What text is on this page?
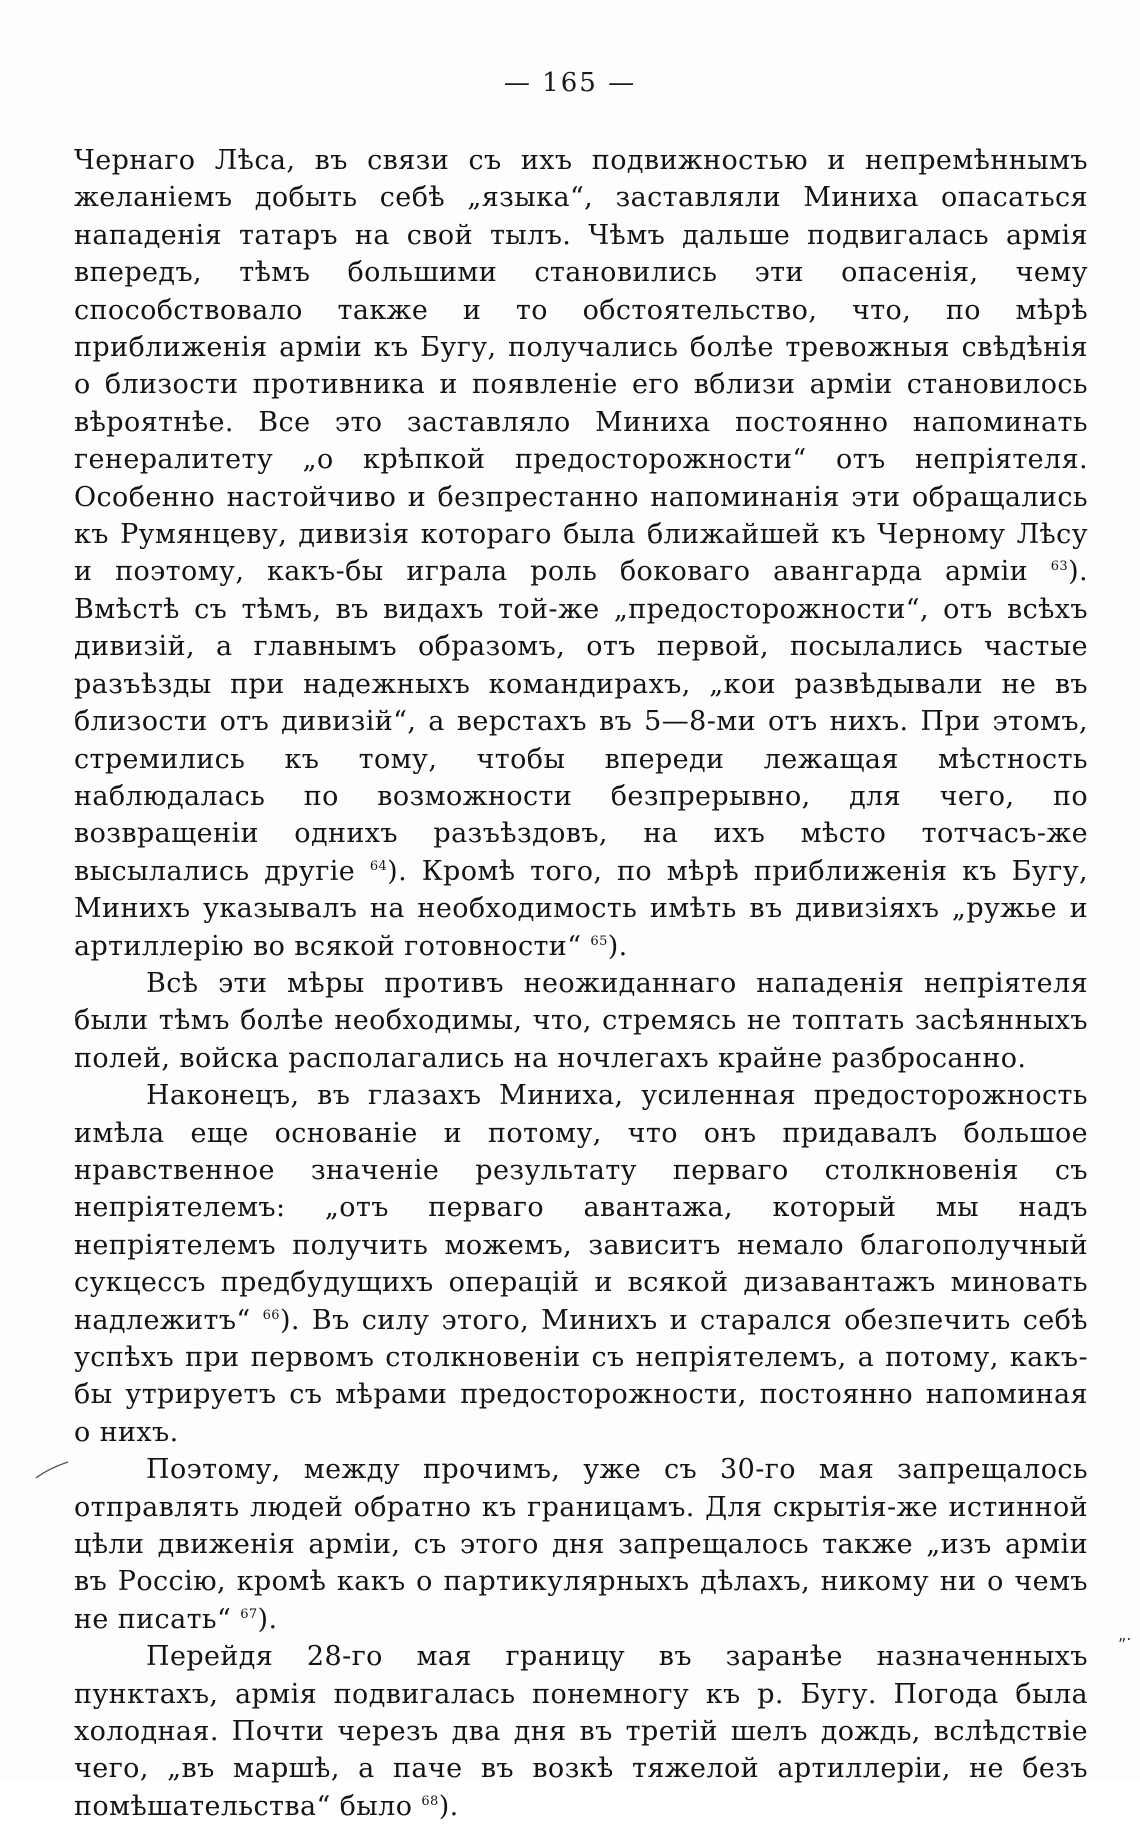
— 165 —

Чернаго Лѣса, въ связи съ ихъ подвижностью и непремѣннымъ желаніемъ добыть себѣ „языка“, заставляли Миниха опасаться нападенія татаръ на свой тылъ. Чѣмъ дальше подвигалась армія впередъ, тѣмъ большими становились эти опасенія, чему способствовало также и то обстоятельство, что, по мѣрѣ приближенія арміи къ Бугу, получались болѣе тревожныя свѣдѣнія о близости противника и появленіе его вблизи арміи становилось вѣроятнѣе. Все это заставляло Миниха постоянно напоминать генералитету „о крѣпкой предосторожности“ отъ непріятеля. Особенно настойчиво и безпрестанно напоминанія эти обращались къ Румянцеву, дивизія котораго была ближайшей къ Черному Лѣсу и поэтому, какъ-бы играла роль боковаго авангарда арміи $^{63}$). Вмѣстѣ съ тѣмъ, въ видахъ той-же „предосторожности“, отъ всѣхъ дивизій, а главнымъ образомъ, отъ первой, посылались частые разъѣзды при надежныхъ командирахъ, „кои развѣдывали не въ близости отъ дивизій“, а верстахъ въ 5—8-ми отъ нихъ. При этомъ, стремились къ тому, чтобы впереди лежащая мѣстность наблюдалась по возможности безпрерывно, для чего, по возвращеніи однихъ разъѣздовъ, на ихъ мѣсто тотчасъ-же высылались другіе $^{64}$). Кромѣ того, по мѣрѣ приближенія къ Бугу, Минихъ указывалъ на необходимость имѣть въ дивизіяхъ „ружье и артиллерію во всякой готовности“ $^{65}$).

Всѣ эти мѣры противъ неожиданнаго нападенія непріятеля были тѣмъ болѣе необходимы, что, стремясь не топтать засѣянныхъ полей, войска располагались на ночлегахъ крайне разбросанно.

Наконецъ, въ глазахъ Миниха, усиленная предосторожность имѣла еще основаніе и потому, что онъ придавалъ большое нравственное значеніе результату перваго столкновенія съ непріятелемъ: „отъ перваго авантажа, который мы надъ непріятелемъ получить можемъ, зависитъ немало благополучный сукцессъ предбудущихъ операцій и всякой дизавантажъ миновать надлежитъ“ $^{66}$). Въ силу этого, Минихъ и старался обезпечить себѣ успѣхъ при первомъ столкновеніи съ непріятелемъ, а потому, какъ-бы утрируетъ съ мѣрами предосторожности, постоянно напоминая о нихъ.

Поэтому, между прочимъ, уже съ 30-го мая запрещалось отправлять людей обратно къ границамъ. Для скрытія-же истинной цѣли движенія арміи, съ этого дня запрещалось также „изъ арміи въ Россію, кромѣ какъ о партикулярныхъ дѣлахъ, никому ни о чемъ не писать“ $^{67}$).

Перейдя 28-го мая границу въ заранѣе назначенныхъ пунктахъ, армія подвигалась понемногу къ р. Бугу. Погода была холодная. Почти черезъ два дня въ третій шелъ дождь, вслѣдствіе чего, „въ маршѣ, а паче въ возкѣ тяжелой артиллеріи, не безъ помѣшательства“ было $^{68}$).

„.
